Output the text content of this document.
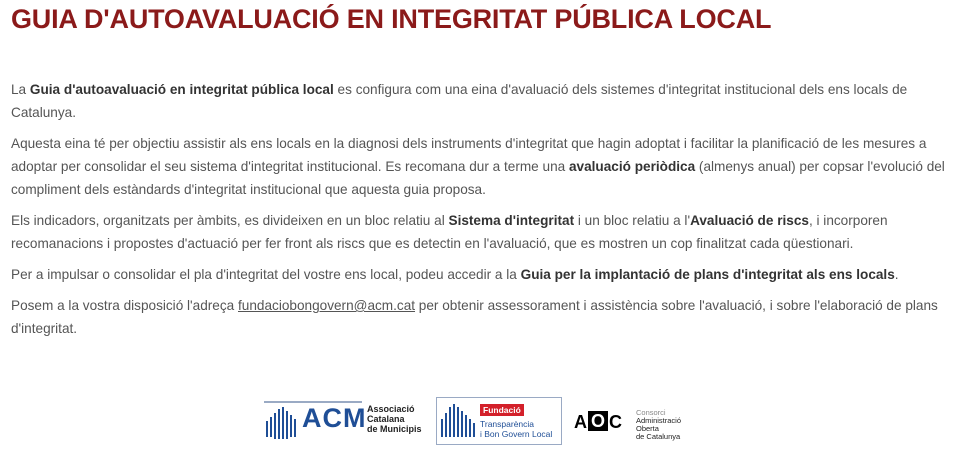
GUIA D'AUTOAVALUACIÓ EN INTEGRITAT PÚBLICA LOCAL

La Guia d'autoavaluació en integritat pública local es configura com una eina d'avaluació dels sistemes d'integritat institucional dels ens locals de Catalunya.

Aquesta eina té per objectiu assistir als ens locals en la diagnosi dels instruments d'integritat que hagin adoptat i facilitar la planificació de les mesures a adoptar per consolidar el seu sistema d'integritat institucional. Es recomana dur a terme una avaluació periòdica (almenys anual) per copsar l'evolució del compliment dels estàndards d'integritat institucional que aquesta guia proposa.

Els indicadors, organitzats per àmbits, es divideixen en un bloc relatiu al Sistema d'integritat i un bloc relatiu a l'Avaluació de riscs, i incorporen recomanacions i propostes d'actuació per fer front als riscs que es detectin en l'avaluació, que es mostren un cop finalitzat cada qüestionari.

Per a impulsar o consolidar el pla d'integritat del vostre ens local, podeu accedir a la Guia per la implantació de plans d'integritat als ens locals.

Posem a la vostra disposició l'adreça fundaciobongovern@acm.cat per obtenir assessorament i assistència sobre l'avaluació, i sobre l'elaboració de plans d'integritat.

ACM Associació
Catalana
de Municipis
Fundació
Transparència
i Bon Govern Local
A O C	Consorci
Administració Oberta
de Catalunya
